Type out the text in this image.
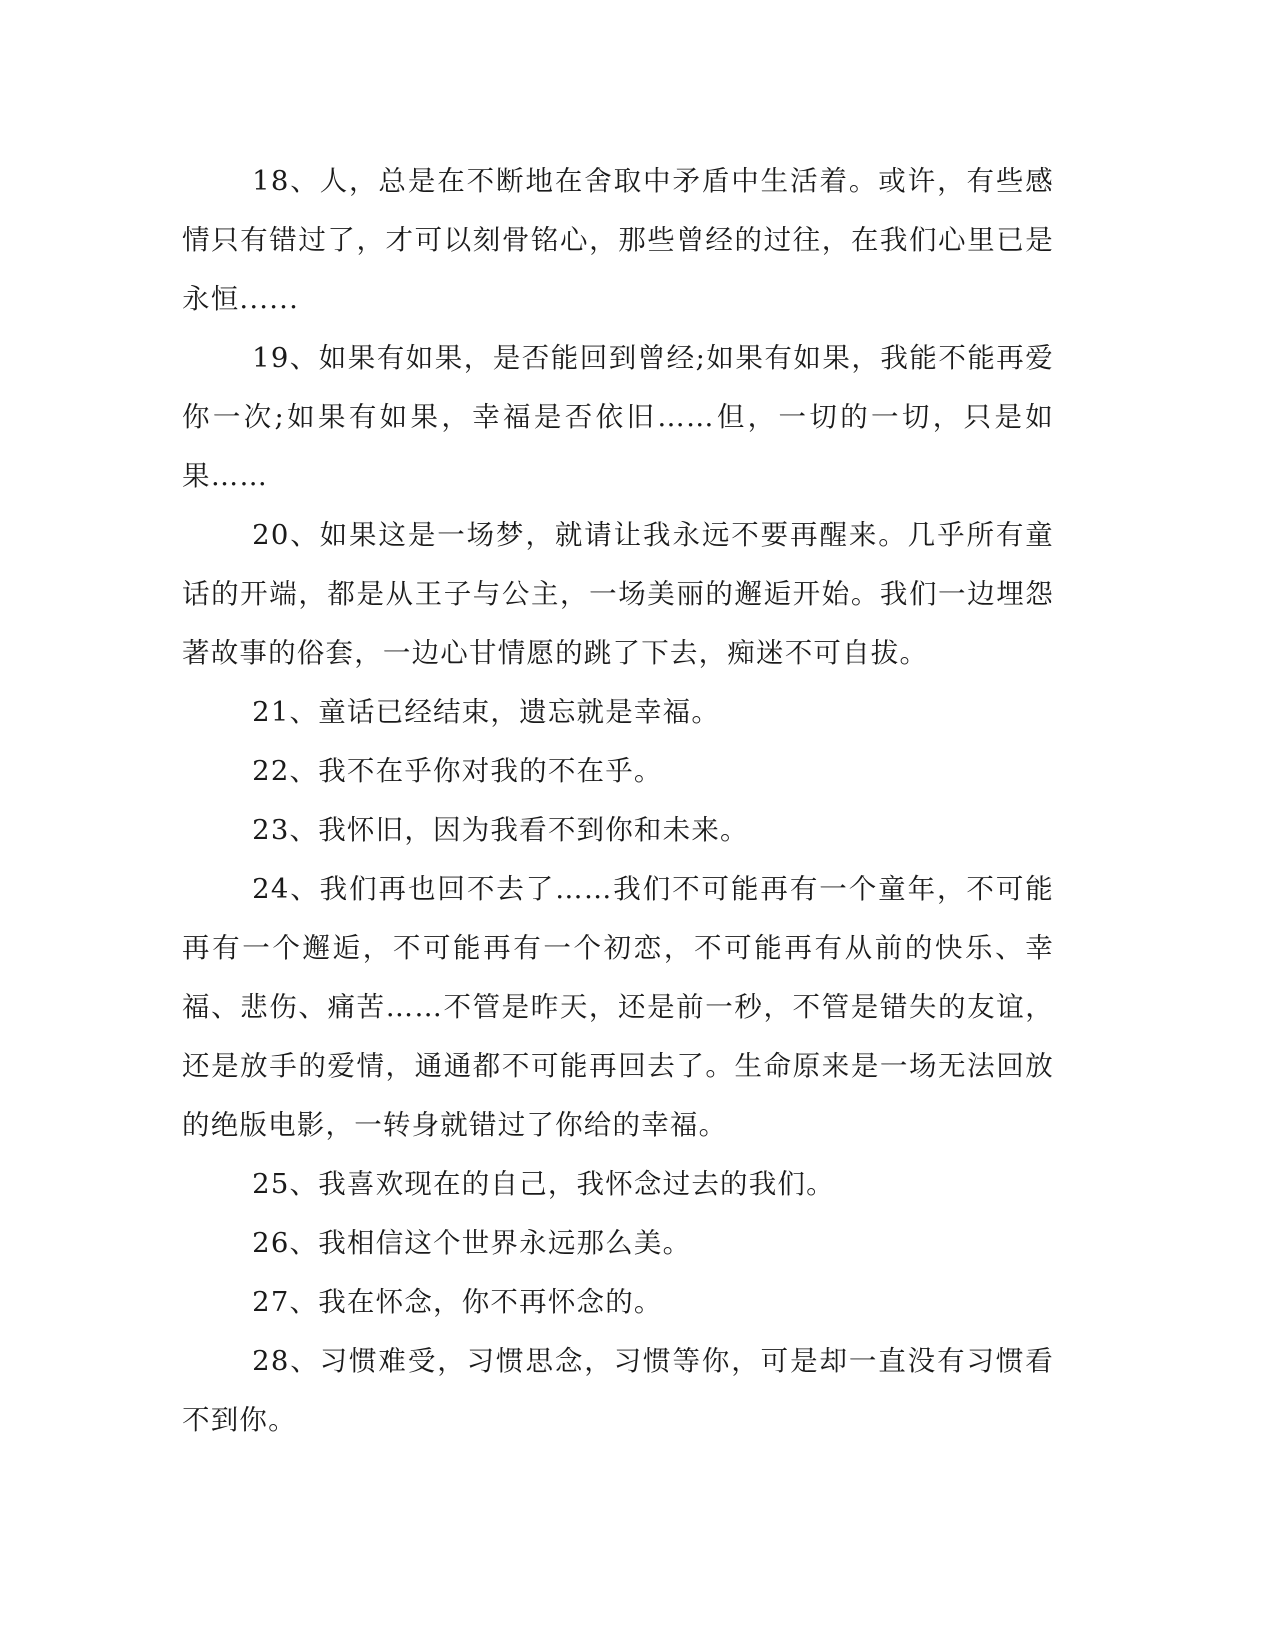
18、人，总是在不断地在舍取中矛盾中生活着。或许，有些感情只有错过了，才可以刻骨铭心，那些曾经的过往，在我们心里已是永恒......

19、如果有如果，是否能回到曾经;如果有如果，我能不能再爱你一次;如果有如果，幸福是否依旧……但，一切的一切，只是如果……

20、如果这是一场梦，就请让我永远不要再醒来。几乎所有童话的开端，都是从王子与公主，一场美丽的邂逅开始。我们一边埋怨著故事的俗套，一边心甘情愿的跳了下去，痴迷不可自拔。

21、童话已经结束，遗忘就是幸福。

22、我不在乎你对我的不在乎。

23、我怀旧，因为我看不到你和未来。

24、我们再也回不去了……我们不可能再有一个童年，不可能再有一个邂逅，不可能再有一个初恋，不可能再有从前的快乐、幸福、悲伤、痛苦……不管是昨天，还是前一秒，不管是错失的友谊，还是放手的爱情，通通都不可能再回去了。生命原来是一场无法回放的绝版电影，一转身就错过了你给的幸福。

25、我喜欢现在的自己，我怀念过去的我们。

26、我相信这个世界永远那么美。

27、我在怀念，你不再怀念的。

28、习惯难受，习惯思念，习惯等你，可是却一直没有习惯看不到你。
